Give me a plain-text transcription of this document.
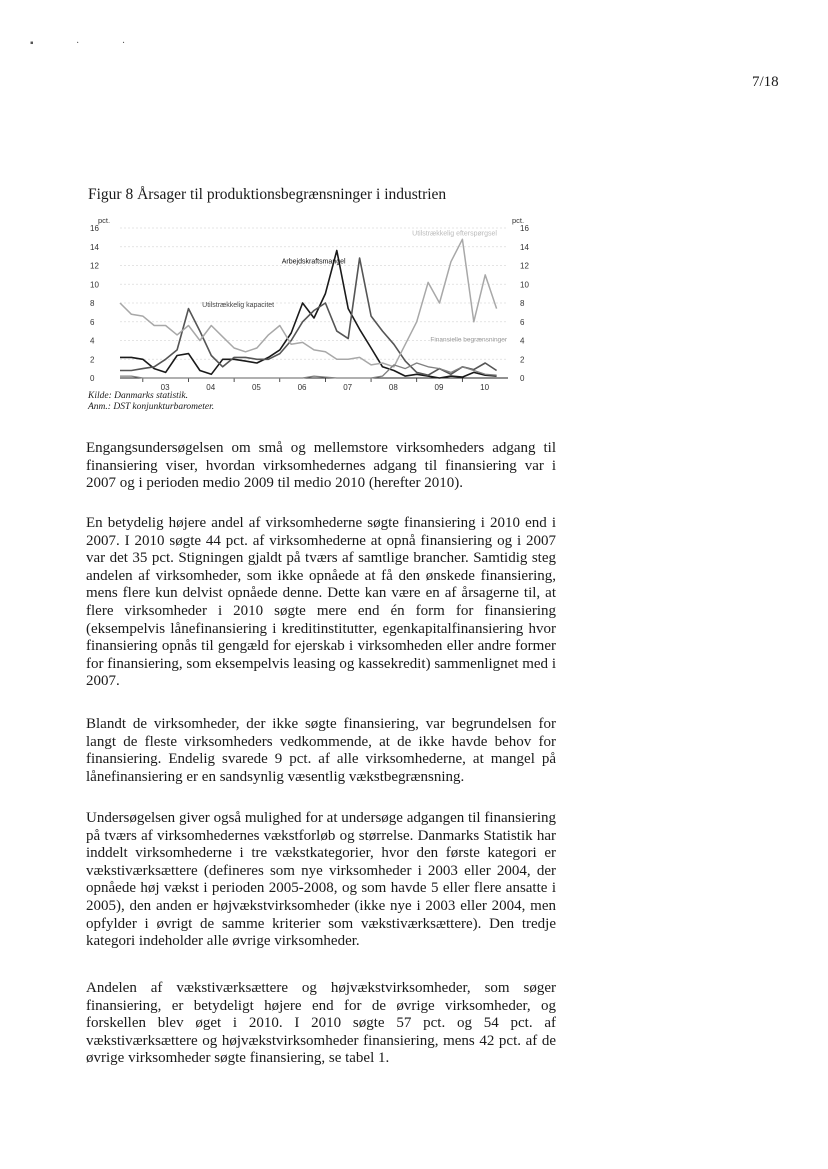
▪ · ·
7/18
Figur 8 Årsager til produktionsbegrænsninger i industrien
0	0
2	2
4	4
6	6
8	8
10	10
12	12
14	14
16	16
pct.	pct.
03	04	05	06	07	08	09	10
Arbejdskraftsmangel
Utilstrækkelig kapacitet
Utilstrækkelig efterspørgsel
Finansielle begrænsninger
Kilde: Danmarks statistik.
Anm.: DST konjunkturbarometer.

Engangsundersøgelsen om små og mellemstore virksomheders adgang til finansiering viser, hvordan virksomhedernes adgang til finansiering var i 2007 og i perioden medio 2009 til medio 2010 (herefter 2010).

En betydelig højere andel af virksomhederne søgte finansiering i 2010 end i 2007. I 2010 søgte 44 pct. af virksomhederne at opnå finansiering og i 2007 var det 35 pct. Stigningen gjaldt på tværs af samtlige brancher. Samtidig steg andelen af virksomheder, som ikke opnåede at få den ønskede finansiering, mens flere kun delvist opnåede denne. Dette kan være en af årsagerne til, at flere virksomheder i 2010 søgte mere end én form for finansiering (eksempelvis lånefinansiering i kreditinstitutter, egenkapitalfinansiering hvor finansiering opnås til gengæld for ejerskab i virksomheden eller andre former for finansiering, som eksempelvis leasing og kassekredit) sammenlignet med i 2007.

Blandt de virksomheder, der ikke søgte finansiering, var begrundelsen for langt de fleste virksomheders vedkommende, at de ikke havde behov for finansiering. Endelig svarede 9 pct. af alle virksomhederne, at mangel på lånefinansiering er en sandsynlig væsentlig vækstbegrænsning.

Undersøgelsen giver også mulighed for at undersøge adgangen til finansiering på tværs af virksomhedernes vækstforløb og størrelse. Danmarks Statistik har inddelt virksomhederne i tre vækstkategorier, hvor den første kategori er vækstiværksættere (defineres som nye virksomheder i 2003 eller 2004, der opnåede høj vækst i perioden 2005-2008, og som havde 5 eller flere ansatte i 2005), den anden er højvækstvirksomheder (ikke nye i 2003 eller 2004, men opfylder i øvrigt de samme kriterier som vækstiværksættere). Den tredje kategori indeholder alle øvrige virksomheder.

Andelen af vækstiværksættere og højvækstvirksomheder, som søger finansiering, er betydeligt højere end for de øvrige virksomheder, og forskellen blev øget i 2010. I 2010 søgte 57 pct. og 54 pct. af vækstiværksættere og højvækstvirksomheder finansiering, mens 42 pct. af de øvrige virksomheder søgte finansiering, se tabel 1.
